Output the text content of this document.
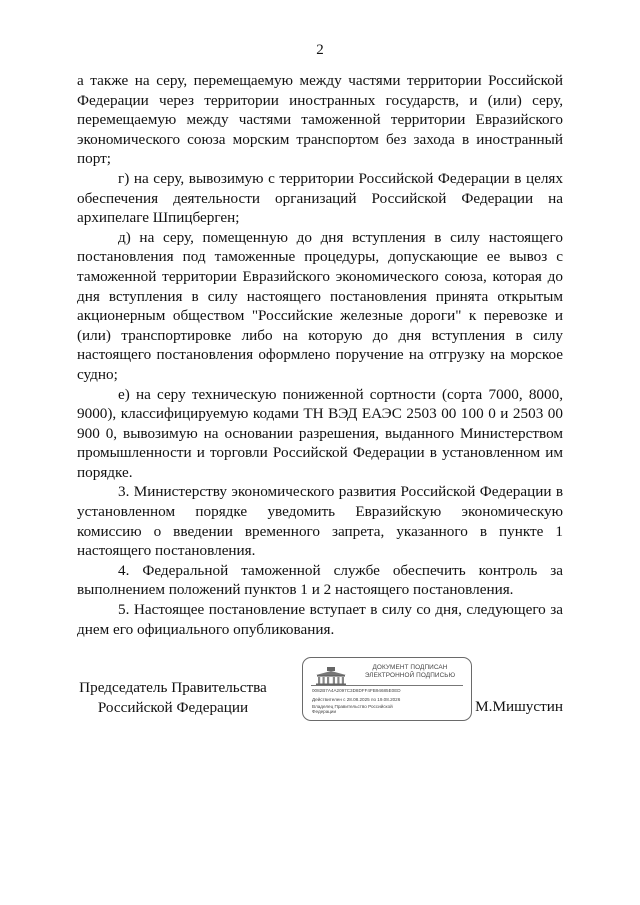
2

а также на серу, перемещаемую между частями территории Российской Федерации через территории иностранных государств, и (или) серу, перемещаемую между частями таможенной территории Евразийского экономического союза морским транспортом без захода в иностранный порт;

г) на серу, вывозимую с территории Российской Федерации в целях обеспечения деятельности организаций Российской Федерации на архипелаге Шпицберген;

д) на серу, помещенную до дня вступления в силу настоящего постановления под таможенные процедуры, допускающие ее вывоз с таможенной территории Евразийского экономического союза, которая до дня вступления в силу настоящего постановления принята открытым акционерным обществом "Российские железные дороги" к перевозке и (или) транспортировке либо на которую до дня вступления в силу настоящего постановления оформлено поручение на отгрузку на морское судно;

е) на серу техническую пониженной сортности (сорта 7000, 8000, 9000), классифицируемую кодами ТН ВЭД ЕАЭС 2503 00 100 0 и 2503 00 900 0, вывозимую на основании разрешения, выданного Министерством промышленности и торговли Российской Федерации в установленном им порядке.

3. Министерству экономического развития Российской Федерации в установленном порядке уведомить Евразийскую экономическую комиссию о введении временного запрета, указанного в пункте 1 настоящего постановления.

4. Федеральной таможенной службе обеспечить контроль за выполнением положений пунктов 1 и 2 настоящего постановления.

5. Настоящее постановление вступает в силу со дня, следующего за днем его официального опубликования.

Председатель Правительства
Российской Федерации
ДОКУМЕНТ ПОДПИСАН
ЭЛЕКТРОННОЙ ПОДПИСЬЮ
0082B7A4A2097C3D8DFF4FB94685E0ED
Действителен с 28.08.2025 по 19.08.2026
Владелец Правительство Российской
Федерации	М.Мишустин
